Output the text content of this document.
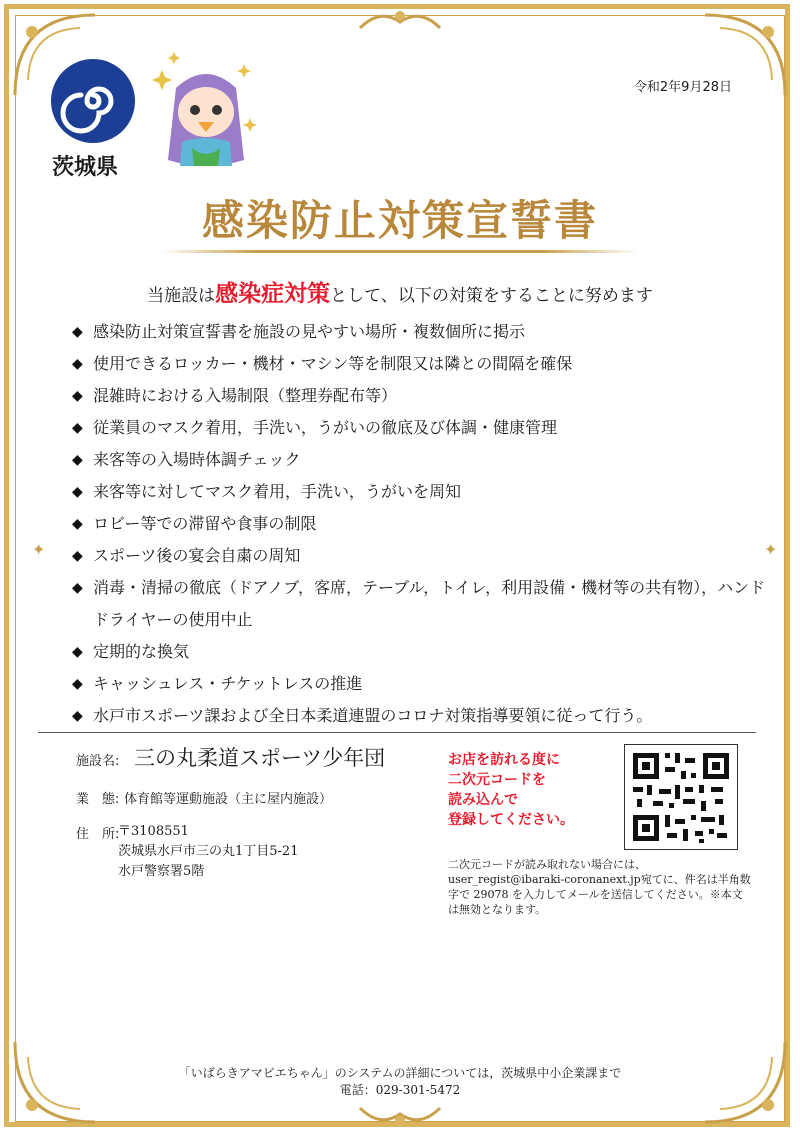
✦	✦
茨城県
令和2年9月28日
感染防止対策宣誓書
当施設は感染症対策として、以下の対策をすることに努めます
◆ 感染防止対策宣誓書を施設の見やすい場所・複数個所に掲示
◆ 使用できるロッカー・機材・マシン等を制限又は隣との間隔を確保
◆ 混雑時における入場制限（整理券配布等）
◆ 従業員のマスク着用，手洗い，うがいの徹底及び体調・健康管理
◆ 来客等の入場時体調チェック
◆ 来客等に対してマスク着用，手洗い，うがいを周知
◆ ロビー等での滞留や食事の制限
◆ スポーツ後の宴会自粛の周知
◆ 消毒・清掃の徹底（ドアノブ，客席，テーブル，トイレ，利用設備・機材等の共有物），ハンドドライヤーの使用中止
◆ 定期的な換気
◆ キャッシュレス・チケットレスの推進
◆ 水戸市スポーツ課および全日本柔道連盟のコロナ対策指導要領に従って行う。
施設名: 三の丸柔道スポーツ少年団
業　態: 体育館等運動施設（主に屋内施設）
住　所:
〒3108551
茨城県水戸市三の丸1丁目5-21
水戸警察署5階
お店を訪れる度に
二次元コードを
読み込んで
登録してください。
二次元コードが読み取れない場合には、user_regist@ibaraki-coronanext.jp宛てに、件名は半角数字で 29078 を入力してメールを送信してください。※本文は無効となります。
「いばらきアマビエちゃん」のシステムの詳細については，茨城県中小企業課まで
電話：029-301-5472
